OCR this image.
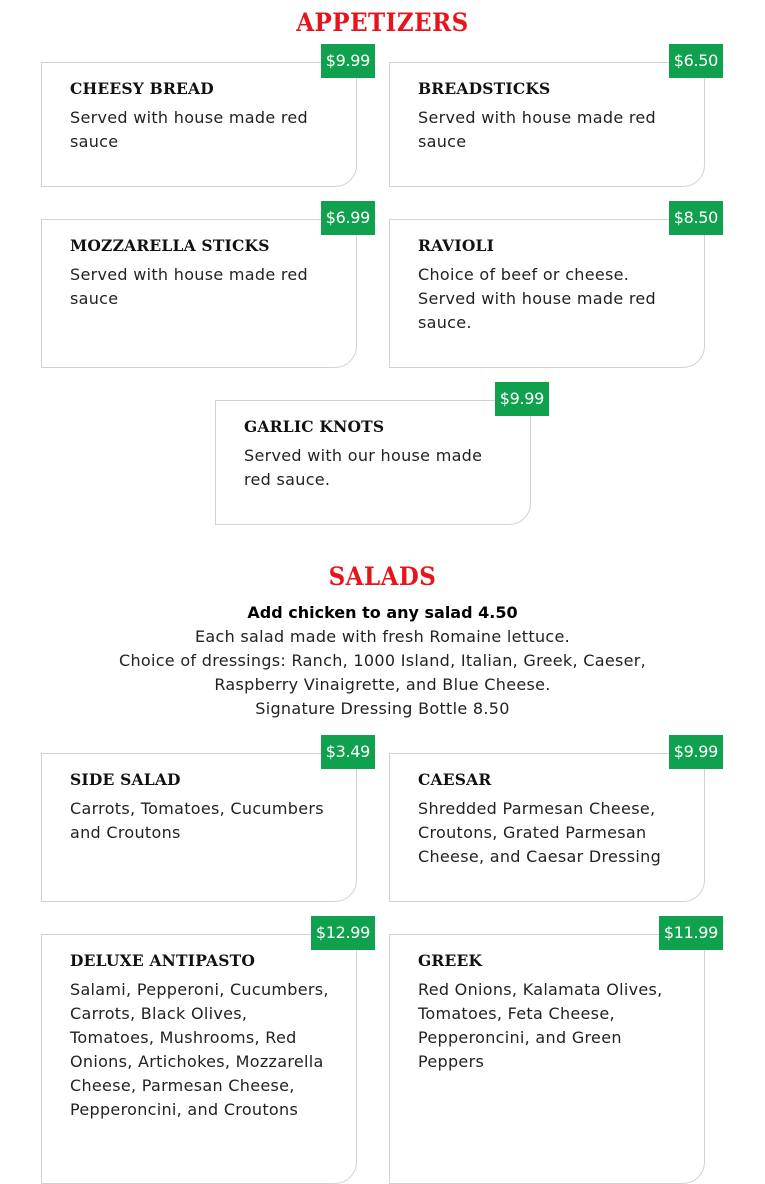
APPETIZERS
$9.99

CHEESY BREAD

Served with house made red sauce

$6.50

BREADSTICKS

Served with house made red sauce

$6.99

MOZZARELLA STICKS

Served with house made red sauce

$8.50

RAVIOLI

Choice of beef or cheese. Served with house made red sauce.

$9.99

GARLIC KNOTS

Served with our house made red sauce.

SALADS
Add chicken to any salad 4.50
Each salad made with fresh Romaine lettuce.
Choice of dressings: Ranch, 1000 Island, Italian, Greek, Caeser, Raspberry Vinaigrette, and Blue Cheese.
Signature Dressing Bottle 8.50
$3.49

SIDE SALAD

Carrots, Tomatoes, Cucumbers and Croutons

$9.99

CAESAR

Shredded Parmesan Cheese, Croutons, Grated Parmesan Cheese, and Caesar Dressing

$12.99

DELUXE ANTIPASTO

Salami, Pepperoni, Cucumbers, Carrots, Black Olives, Tomatoes, Mushrooms, Red Onions, Artichokes, Mozzarella Cheese, Parmesan Cheese, Pepperoncini, and Croutons

$11.99

GREEK

Red Onions, Kalamata Olives, Tomatoes, Feta Cheese, Pepperoncini, and Green Peppers
